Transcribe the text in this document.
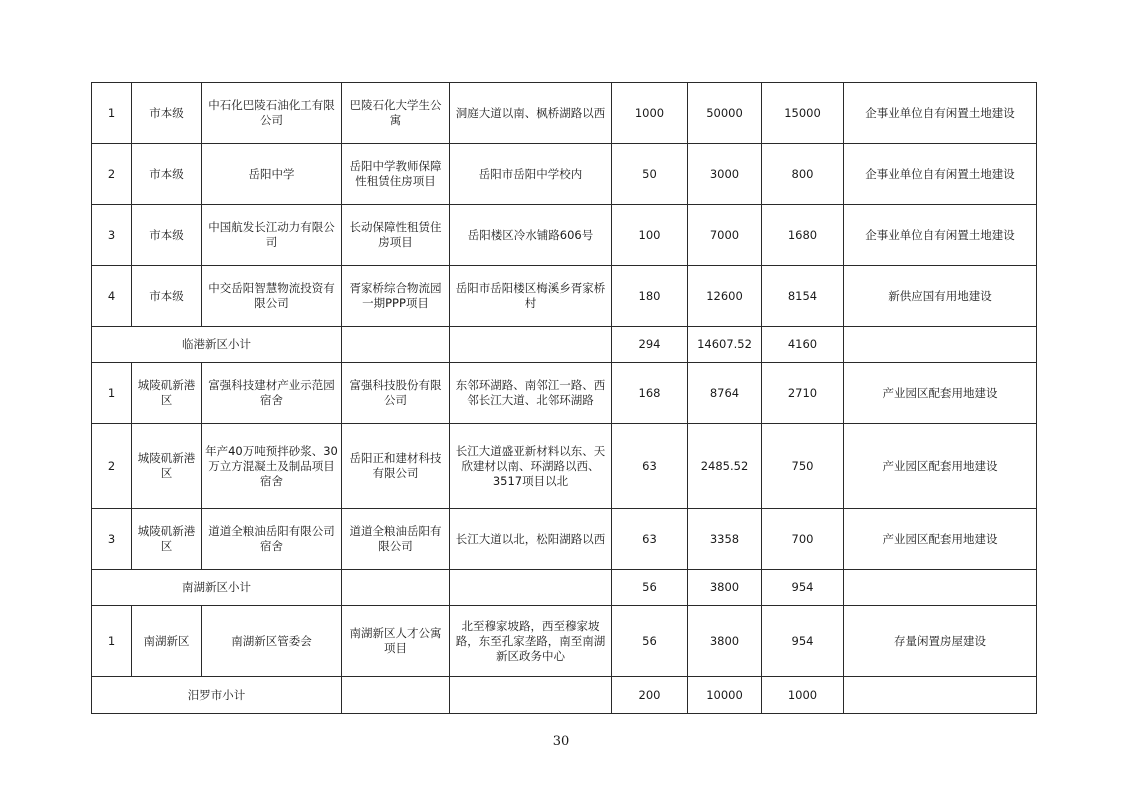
1	市本级	中石化巴陵石油化工有限公司	巴陵石化大学生公寓	洞庭大道以南、枫桥湖路以西	1000	50000	15000	企事业单位自有闲置土地建设
2	市本级	岳阳中学	岳阳中学教师保障性租赁住房项目	岳阳市岳阳中学校内	50	3000	800	企事业单位自有闲置土地建设
3	市本级	中国航发长江动力有限公司	长动保障性租赁住房项目	岳阳楼区冷水铺路606号	100	7000	1680	企事业单位自有闲置土地建设
4	市本级	中交岳阳智慧物流投资有限公司	胥家桥综合物流园一期PPP项目	岳阳市岳阳楼区梅溪乡胥家桥村	180	12600	8154	新供应国有用地建设
临港新区小计					294	14607.52	4160	
1	城陵矶新港区	富强科技建材产业示范园宿舍	富强科技股份有限公司	东邻环湖路、南邻江一路、西邻长江大道、北邻环湖路	168	8764	2710	产业园区配套用地建设
2	城陵矶新港区	年产40万吨预拌砂浆、30万立方混凝土及制品项目宿舍	岳阳正和建材科技有限公司	长江大道盛亚新材料以东、天欣建材以南、环湖路以西、3517项目以北	63	2485.52	750	产业园区配套用地建设
3	城陵矶新港区	道道全粮油岳阳有限公司宿舍	道道全粮油岳阳有限公司	长江大道以北，松阳湖路以西	63	3358	700	产业园区配套用地建设
南湖新区小计					56	3800	954	
1	南湖新区	南湖新区管委会	南湖新区人才公寓项目	北至穆家坡路，西至穆家坡路，东至孔家垄路，南至南湖新区政务中心	56	3800	954	存量闲置房屋建设
汨罗市小计					200	10000	1000	
30
